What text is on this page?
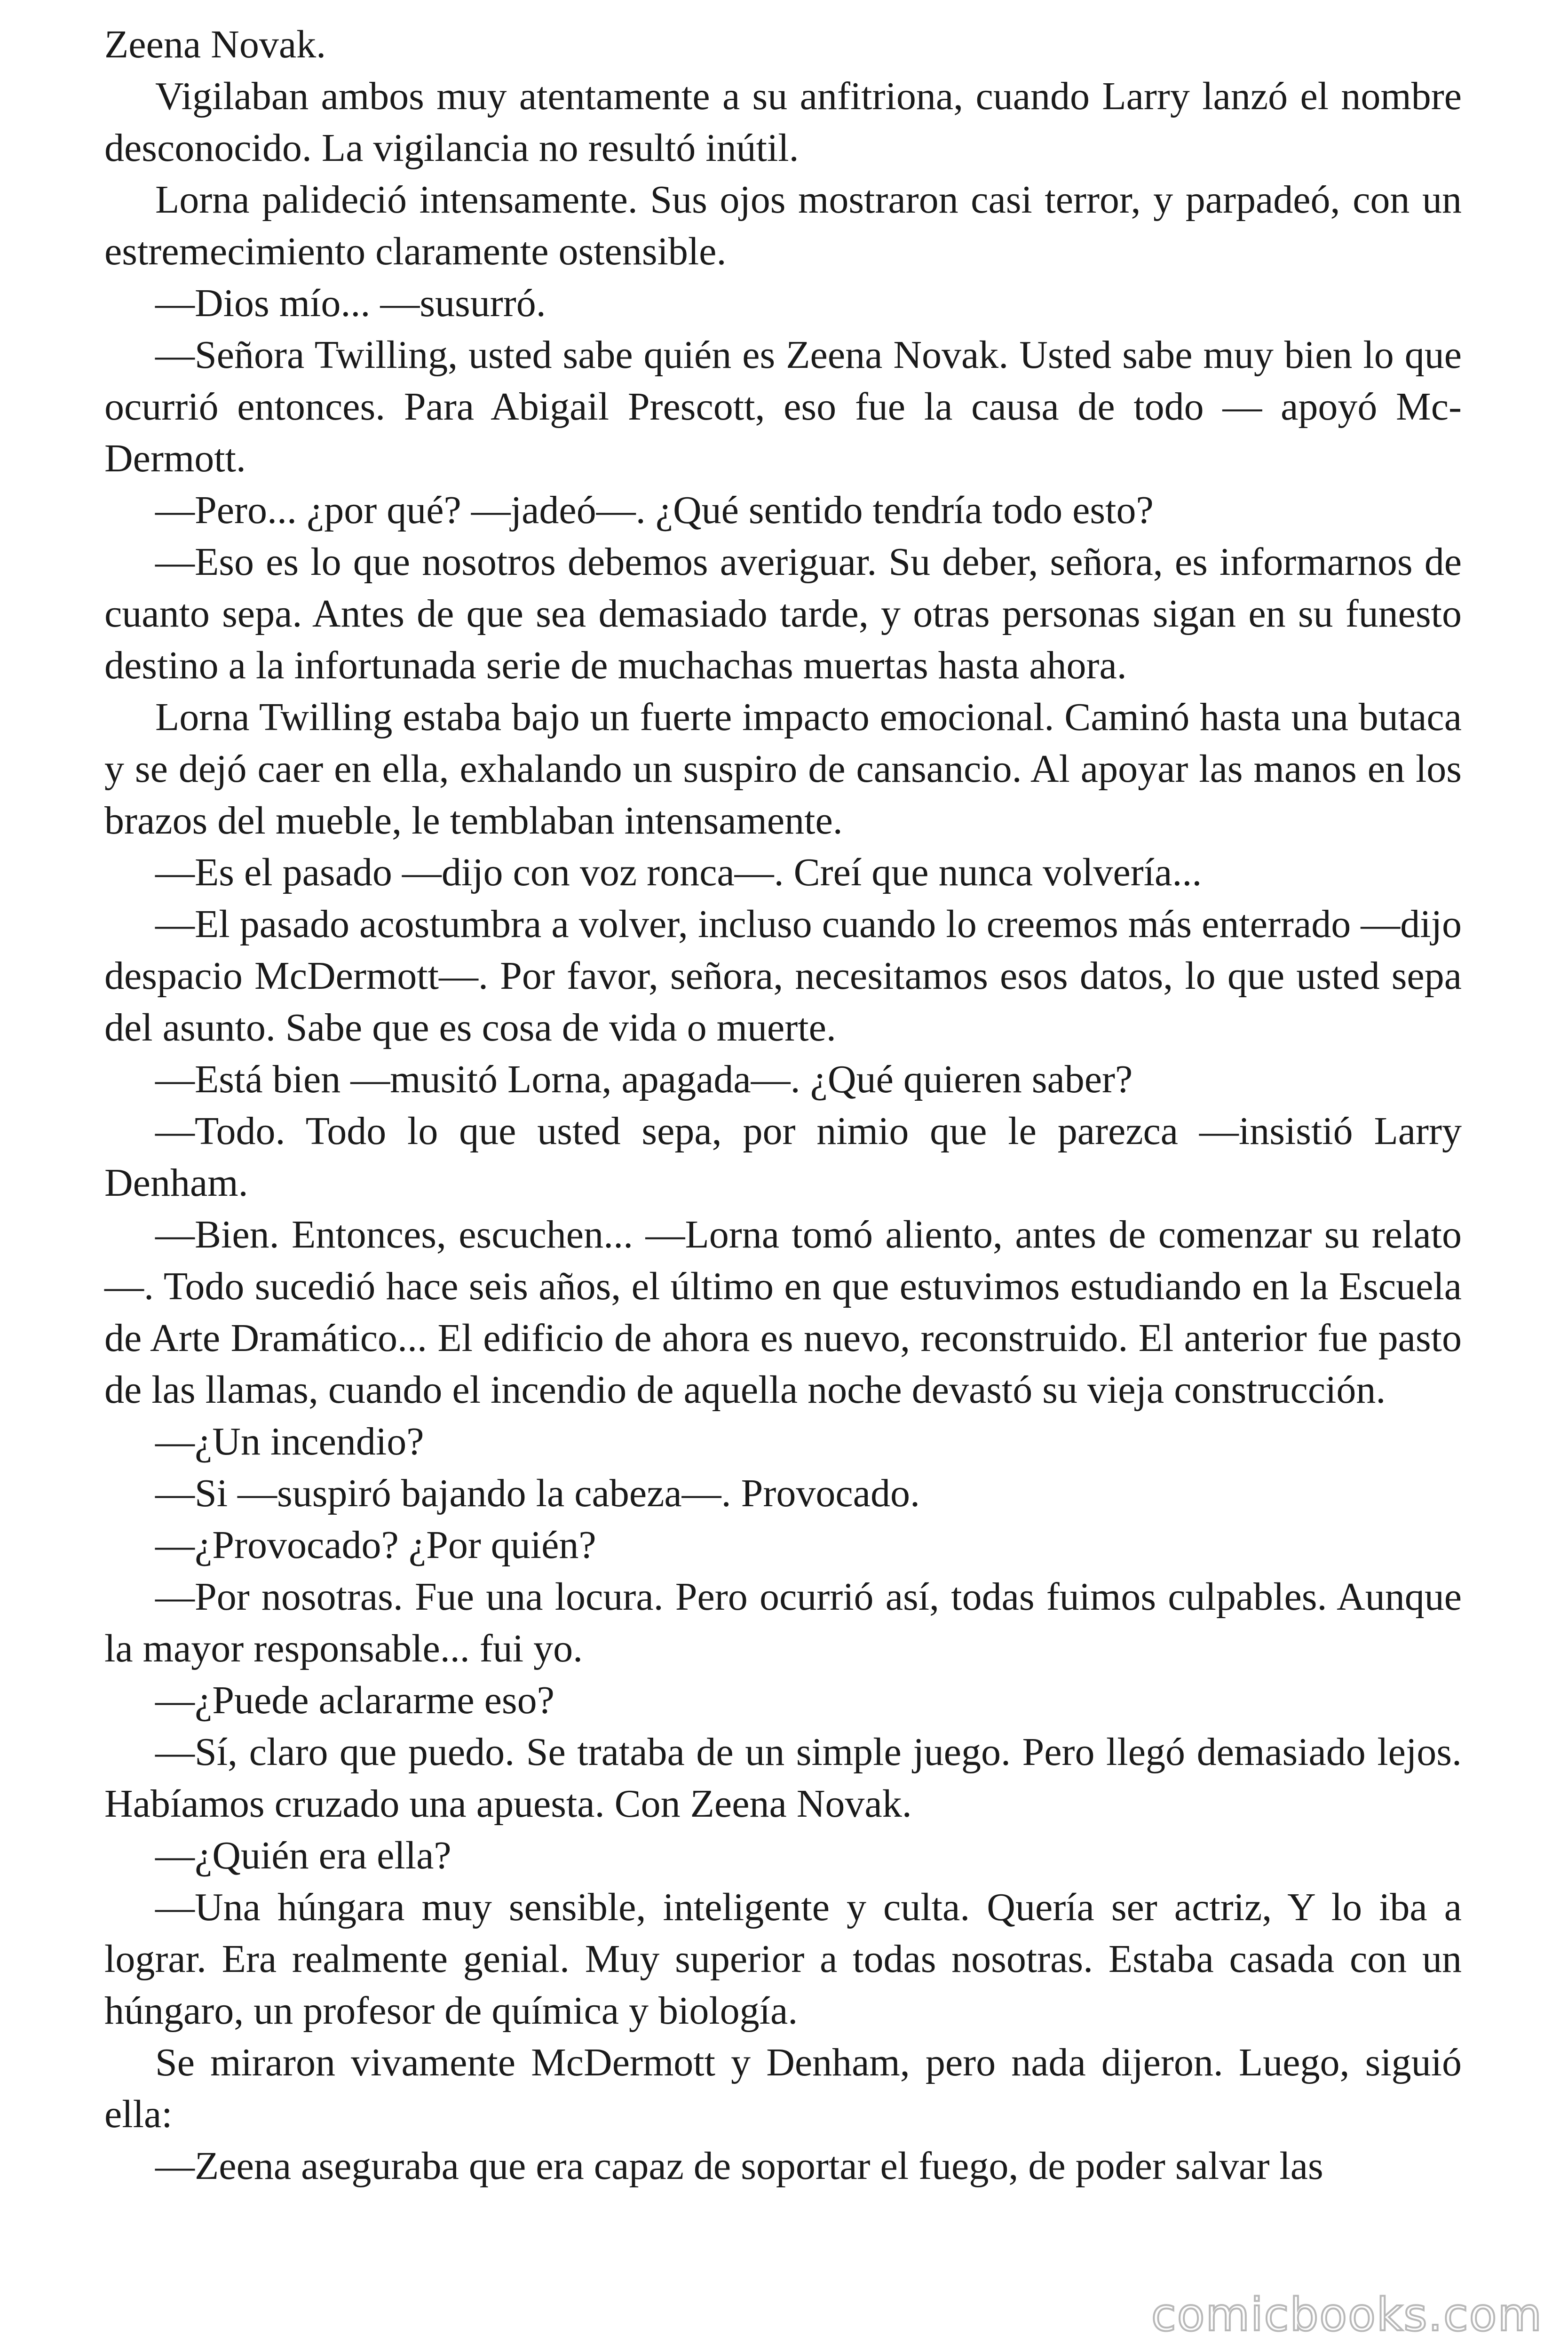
Zeena Novak.

Vigilaban ambos muy atentamente a su anfitriona, cuando Larry lanzó el nombre desconocido. La vigilancia no resultó inútil.

Lorna palideció intensamente. Sus ojos mostraron casi terror, y parpadeó, con un estremecimiento claramente ostensible.

—Dios mío... —susurró.

—Señora Twilling, usted sabe quién es Zeena Novak. Usted sabe muy bien lo que ocurrió entonces. Para Abigail Prescott, eso fue la causa de todo — apoyó Mc- Dermott.

—Pero... ¿por qué? —jadeó—. ¿Qué sentido tendría todo esto?

—Eso es lo que nosotros debemos averiguar. Su deber, señora, es informarnos de cuanto sepa. Antes de que sea demasiado tarde, y otras personas sigan en su funesto destino a la infortunada serie de muchachas muertas hasta ahora.

Lorna Twilling estaba bajo un fuerte impacto emocional. Caminó hasta una butaca y se dejó caer en ella, exhalando un suspiro de cansancio. Al apoyar las manos en los brazos del mueble, le temblaban intensamente.

—Es el pasado —dijo con voz ronca—. Creí que nunca volvería...

—El pasado acostumbra a volver, incluso cuando lo creemos más enterrado —dijo despacio McDermott—. Por favor, señora, necesitamos esos datos, lo que usted sepa del asunto. Sabe que es cosa de vida o muerte.

—Está bien —musitó Lorna, apagada—. ¿Qué quieren saber?

—Todo. Todo lo que usted sepa, por nimio que le parezca —insistió Larry Denham.

—Bien. Entonces, escuchen... —Lorna tomó aliento, antes de comenzar su relato—. Todo sucedió hace seis años, el último en que estuvimos estudiando en la Escuela de Arte Dramático... El edificio de ahora es nuevo, reconstruido. El anterior fue pasto de las llamas, cuando el incendio de aquella noche devastó su vieja construcción.

—¿Un incendio?

—Si —suspiró bajando la cabeza—. Provocado.

—¿Provocado? ¿Por quién?

—Por nosotras. Fue una locura. Pero ocurrió así, todas fuimos culpables. Aunque la mayor responsable... fui yo.

—¿Puede aclararme eso?

—Sí, claro que puedo. Se trataba de un simple juego. Pero llegó demasiado lejos. Habíamos cruzado una apuesta. Con Zeena Novak.

—¿Quién era ella?

—Una húngara muy sensible, inteligente y culta. Quería ser actriz, Y lo iba a lograr. Era realmente genial. Muy superior a todas nosotras. Estaba casada con un húngaro, un profesor de química y biología.

Se miraron vivamente McDermott y Denham, pero nada dijeron. Luego, siguió ella:

—Zeena aseguraba que era capaz de soportar el fuego, de poder salvar las

comicbooks.com
